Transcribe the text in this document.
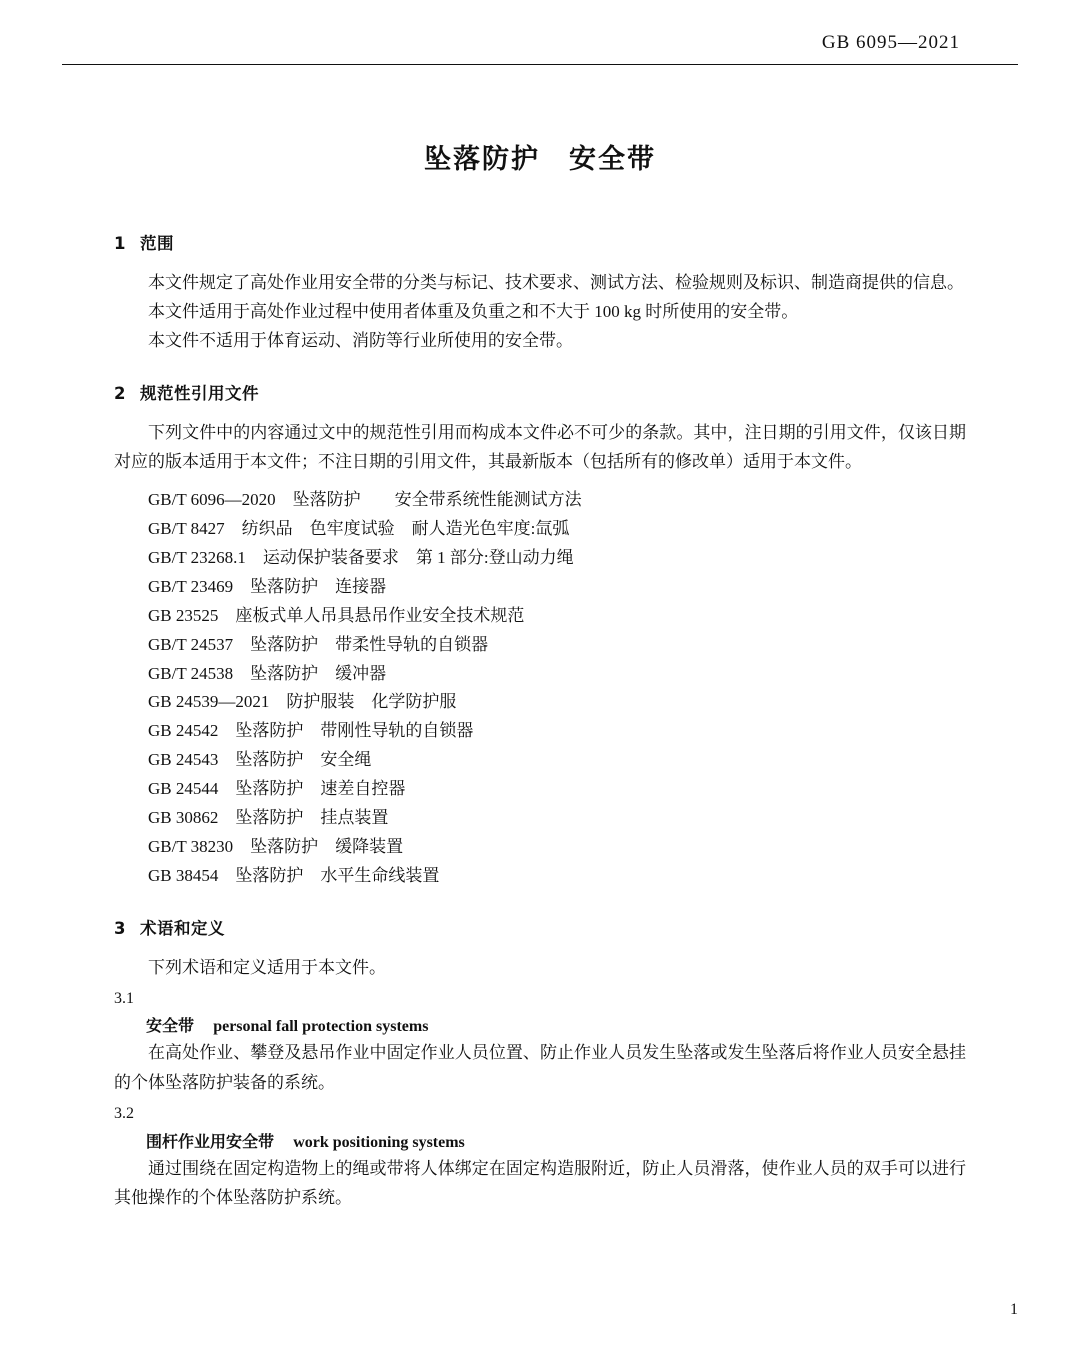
GB 6095—2021
坠落防护　安全带
1 范围

本文件规定了高处作业用安全带的分类与标记、技术要求、测试方法、检验规则及标识、制造商提供的信息。

本文件适用于高处作业过程中使用者体重及负重之和不大于 100 kg 时所使用的安全带。

本文件不适用于体育运动、消防等行业所使用的安全带。

2 规范性引用文件

下列文件中的内容通过文中的规范性引用而构成本文件必不可少的条款。其中，注日期的引用文件，仅该日期对应的版本适用于本文件；不注日期的引用文件，其最新版本（包括所有的修改单）适用于本文件。

GB/T 6096—2020　坠落防护　　安全带系统性能测试方法
GB/T 8427　纺织品　色牢度试验　耐人造光色牢度:氙弧
GB/T 23268.1　运动保护装备要求　第 1 部分:登山动力绳
GB/T 23469　坠落防护　连接器
GB 23525　座板式单人吊具悬吊作业安全技术规范
GB/T 24537　坠落防护　带柔性导轨的自锁器
GB/T 24538　坠落防护　缓冲器
GB 24539—2021　防护服装　化学防护服
GB 24542　坠落防护　带刚性导轨的自锁器
GB 24543　坠落防护　安全绳
GB 24544　坠落防护　速差自控器
GB 30862　坠落防护　挂点装置
GB/T 38230　坠落防护　缓降装置
GB 38454　坠落防护　水平生命线装置
3 术语和定义

下列术语和定义适用于本文件。

3.1

安全带 personal fall protection systems

在高处作业、攀登及悬吊作业中固定作业人员位置、防止作业人员发生坠落或发生坠落后将作业人员安全悬挂的个体坠落防护装备的系统。

3.2

围杆作业用安全带 work positioning systems

通过围绕在固定构造物上的绳或带将人体绑定在固定构造服附近，防止人员滑落，使作业人员的双手可以进行其他操作的个体坠落防护系统。

1
